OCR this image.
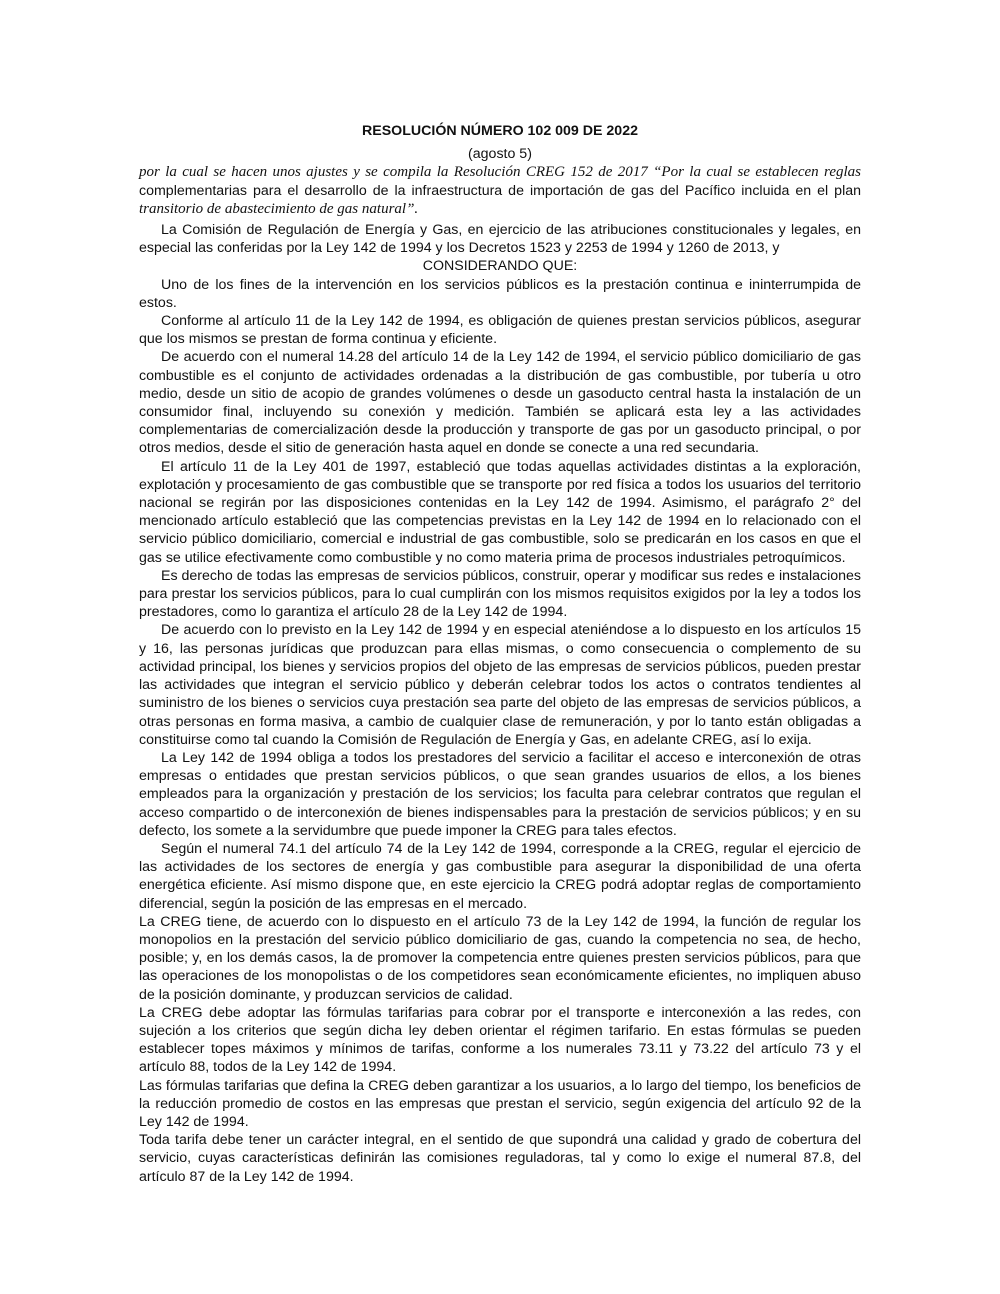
RESOLUCIÓN NÚMERO 102 009 DE 2022
(agosto 5)
por la cual se hacen unos ajustes y se compila la Resolución CREG 152 de 2017 “Por la cual se establecen reglas complementarias para el desarrollo de la infraestructura de importación de gas del Pacífico incluida en el plan transitorio de abastecimiento de gas natural”.

La Comisión de Regulación de Energía y Gas, en ejercicio de las atribuciones constitucionales y legales, en especial las conferidas por la Ley 142 de 1994 y los Decretos 1523 y 2253 de 1994 y 1260 de 2013, y

CONSIDERANDO QUE:

Uno de los fines de la intervención en los servicios públicos es la prestación continua e ininterrumpida de estos.

Conforme al artículo 11 de la Ley 142 de 1994, es obligación de quienes prestan servicios públicos, asegurar que los mismos se prestan de forma continua y eficiente.

De acuerdo con el numeral 14.28 del artículo 14 de la Ley 142 de 1994, el servicio público domiciliario de gas combustible es el conjunto de actividades ordenadas a la distribución de gas combustible, por tubería u otro medio, desde un sitio de acopio de grandes volúmenes o desde un gasoducto central hasta la instalación de un consumidor final, incluyendo su conexión y medición. También se aplicará esta ley a las actividades complementarias de comercialización desde la producción y transporte de gas por un gasoducto principal, o por otros medios, desde el sitio de generación hasta aquel en donde se conecte a una red secundaria.

El artículo 11 de la Ley 401 de 1997, estableció que todas aquellas actividades distintas a la exploración, explotación y procesamiento de gas combustible que se transporte por red física a todos los usuarios del territorio nacional se regirán por las disposiciones contenidas en la Ley 142 de 1994. Asimismo, el parágrafo 2° del mencionado artículo estableció que las competencias previstas en la Ley 142 de 1994 en lo relacionado con el servicio público domiciliario, comercial e industrial de gas combustible, solo se predicarán en los casos en que el gas se utilice efectivamente como combustible y no como materia prima de procesos industriales petroquímicos.

Es derecho de todas las empresas de servicios públicos, construir, operar y modificar sus redes e instalaciones para prestar los servicios públicos, para lo cual cumplirán con los mismos requisitos exigidos por la ley a todos los prestadores, como lo garantiza el artículo 28 de la Ley 142 de 1994.

De acuerdo con lo previsto en la Ley 142 de 1994 y en especial ateniéndose a lo dispuesto en los artículos 15 y 16, las personas jurídicas que produzcan para ellas mismas, o como consecuencia o complemento de su actividad principal, los bienes y servicios propios del objeto de las empresas de servicios públicos, pueden prestar las actividades que integran el servicio público y deberán celebrar todos los actos o contratos tendientes al suministro de los bienes o servicios cuya prestación sea parte del objeto de las empresas de servicios públicos, a otras personas en forma masiva, a cambio de cualquier clase de remuneración, y por lo tanto están obligadas a constituirse como tal cuando la Comisión de Regulación de Energía y Gas, en adelante CREG, así lo exija.

La Ley 142 de 1994 obliga a todos los prestadores del servicio a facilitar el acceso e interconexión de otras empresas o entidades que prestan servicios públicos, o que sean grandes usuarios de ellos, a los bienes empleados para la organización y prestación de los servicios; los faculta para celebrar contratos que regulan el acceso compartido o de interconexión de bienes indispensables para la prestación de servicios públicos; y en su defecto, los somete a la servidumbre que puede imponer la CREG para tales efectos.

Según el numeral 74.1 del artículo 74 de la Ley 142 de 1994, corresponde a la CREG, regular el ejercicio de las actividades de los sectores de energía y gas combustible para asegurar la disponibilidad de una oferta energética eficiente. Así mismo dispone que, en este ejercicio la CREG podrá adoptar reglas de comportamiento diferencial, según la posición de las empresas en el mercado.

La CREG tiene, de acuerdo con lo dispuesto en el artículo 73 de la Ley 142 de 1994, la función de regular los monopolios en la prestación del servicio público domiciliario de gas, cuando la competencia no sea, de hecho, posible; y, en los demás casos, la de promover la competencia entre quienes presten servicios públicos, para que las operaciones de los monopolistas o de los competidores sean económicamente eficientes, no impliquen abuso de la posición dominante, y produzcan servicios de calidad.

La CREG debe adoptar las fórmulas tarifarias para cobrar por el transporte e interconexión a las redes, con sujeción a los criterios que según dicha ley deben orientar el régimen tarifario. En estas fórmulas se pueden establecer topes máximos y mínimos de tarifas, conforme a los numerales 73.11 y 73.22 del artículo 73 y el artículo 88, todos de la Ley 142 de 1994.

Las fórmulas tarifarias que defina la CREG deben garantizar a los usuarios, a lo largo del tiempo, los beneficios de la reducción promedio de costos en las empresas que prestan el servicio, según exigencia del artículo 92 de la Ley 142 de 1994.

Toda tarifa debe tener un carácter integral, en el sentido de que supondrá una calidad y grado de cobertura del servicio, cuyas características definirán las comisiones reguladoras, tal y como lo exige el numeral 87.8, del artículo 87 de la Ley 142 de 1994.
